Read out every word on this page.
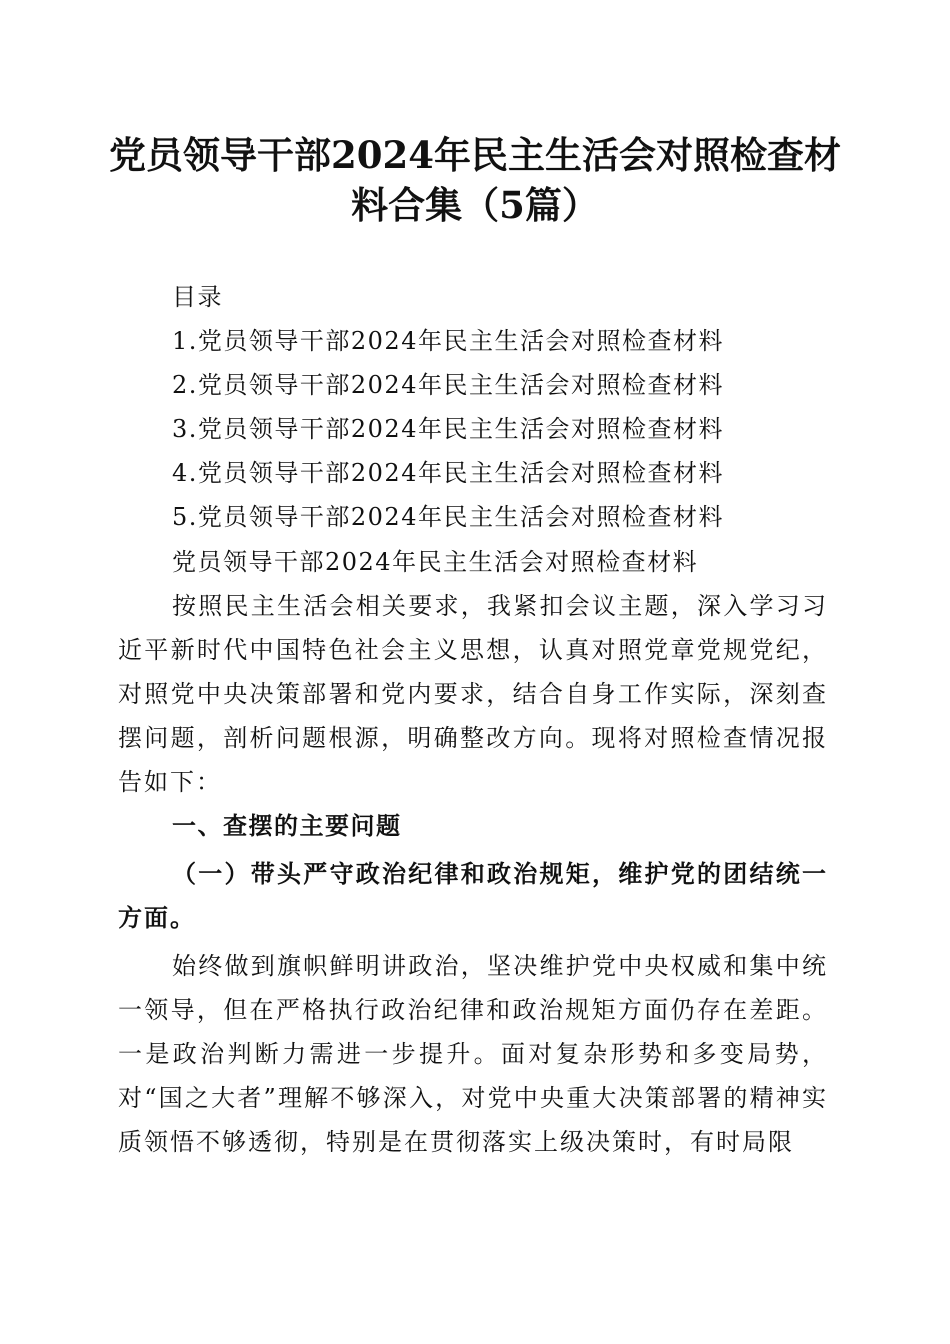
党员领导干部2024年民主生活会对照检查材
料合集（5篇）
目录
1.党员领导干部2024年民主生活会对照检查材料
2.党员领导干部2024年民主生活会对照检查材料
3.党员领导干部2024年民主生活会对照检查材料
4.党员领导干部2024年民主生活会对照检查材料
5.党员领导干部2024年民主生活会对照检查材料
党员领导干部2024年民主生活会对照检查材料
按照民主生活会相关要求，我紧扣会议主题，深入学习习近平新时代中国特色社会主义思想，认真对照党章党规党纪，对照党中央决策部署和党内要求，结合自身工作实际，深刻查摆问题，剖析问题根源，明确整改方向。现将对照检查情况报告如下：
一、查摆的主要问题
（一）带头严守政治纪律和政治规矩，维护党的团结统一方面。
始终做到旗帜鲜明讲政治，坚决维护党中央权威和集中统一领导，但在严格执行政治纪律和政治规矩方面仍存在差距。一是政治判断力需进一步提升。面对复杂形势和多变局势，对“国之大者”理解不够深入，对党中央重大决策部署的精神实质领悟不够透彻，特别是在贯彻落实上级决策时，有时局限
